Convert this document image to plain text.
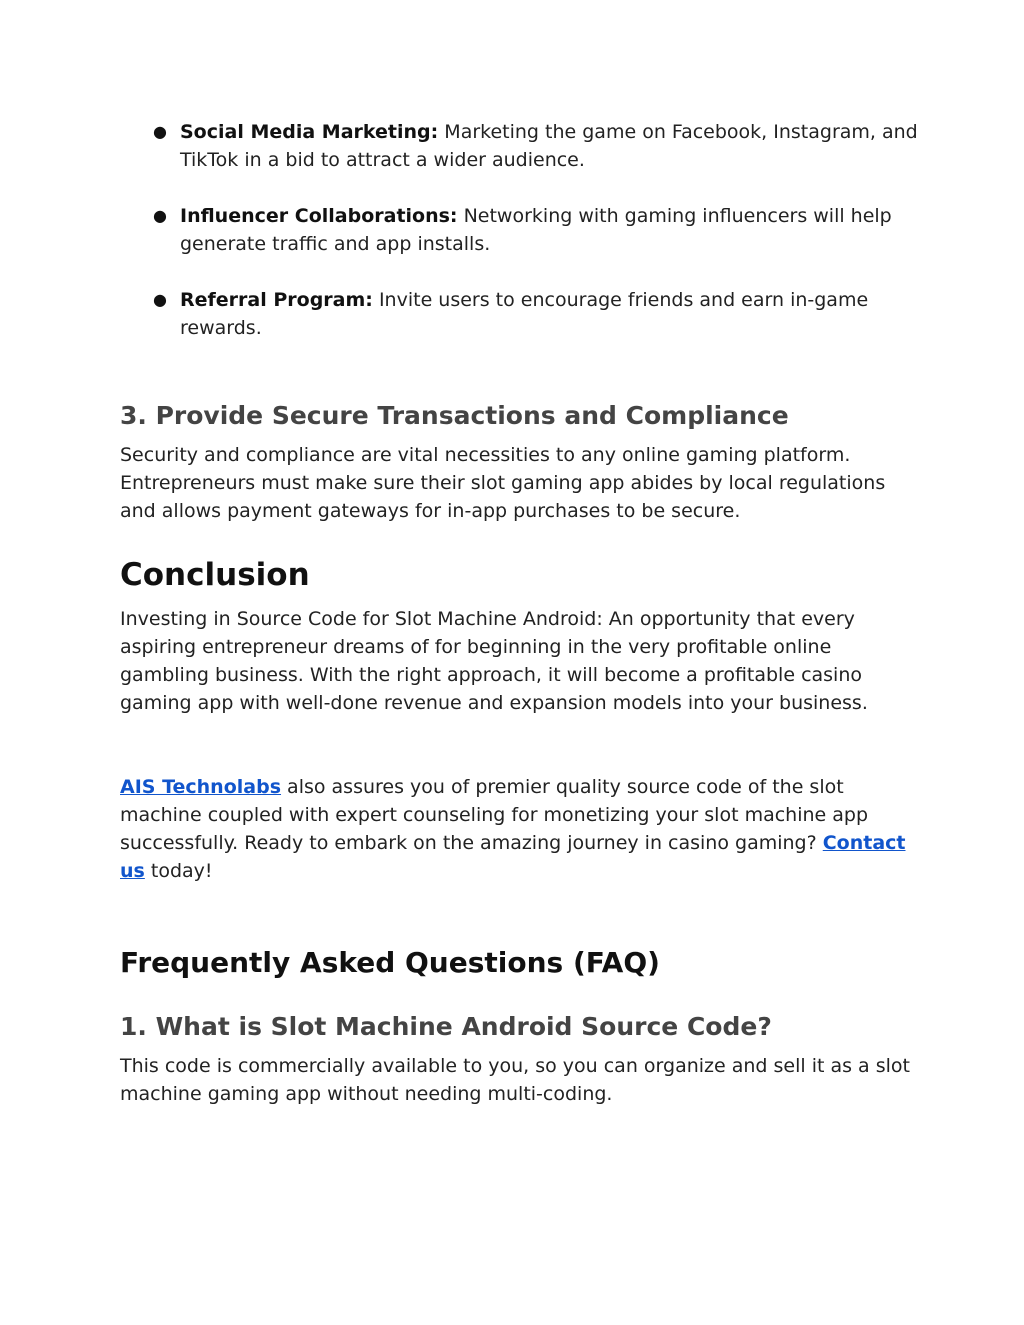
● Social Media Marketing: Marketing the game on Facebook, Instagram, and TikTok in a bid to attract a wider audience.
● Influencer Collaborations: Networking with gaming influencers will help generate traffic and app installs.
● Referral Program: Invite users to encourage friends and earn in-game rewards.
3. Provide Secure Transactions and Compliance

Security and compliance are vital necessities to any online gaming platform. Entrepreneurs must make sure their slot gaming app abides by local regulations and allows payment gateways for in-app purchases to be secure.

Conclusion

Investing in Source Code for Slot Machine Android: An opportunity that every aspiring entrepreneur dreams of for beginning in the very profitable online gambling business. With the right approach, it will become a profitable casino gaming app with well-done revenue and expansion models into your business.

AIS Technolabs also assures you of premier quality source code of the slot machine coupled with expert counseling for monetizing your slot machine app successfully. Ready to embark on the amazing journey in casino gaming? Contact us today!

Frequently Asked Questions (FAQ)
1. What is Slot Machine Android Source Code?

This code is commercially available to you, so you can organize and sell it as a slot machine gaming app without needing multi-coding.
